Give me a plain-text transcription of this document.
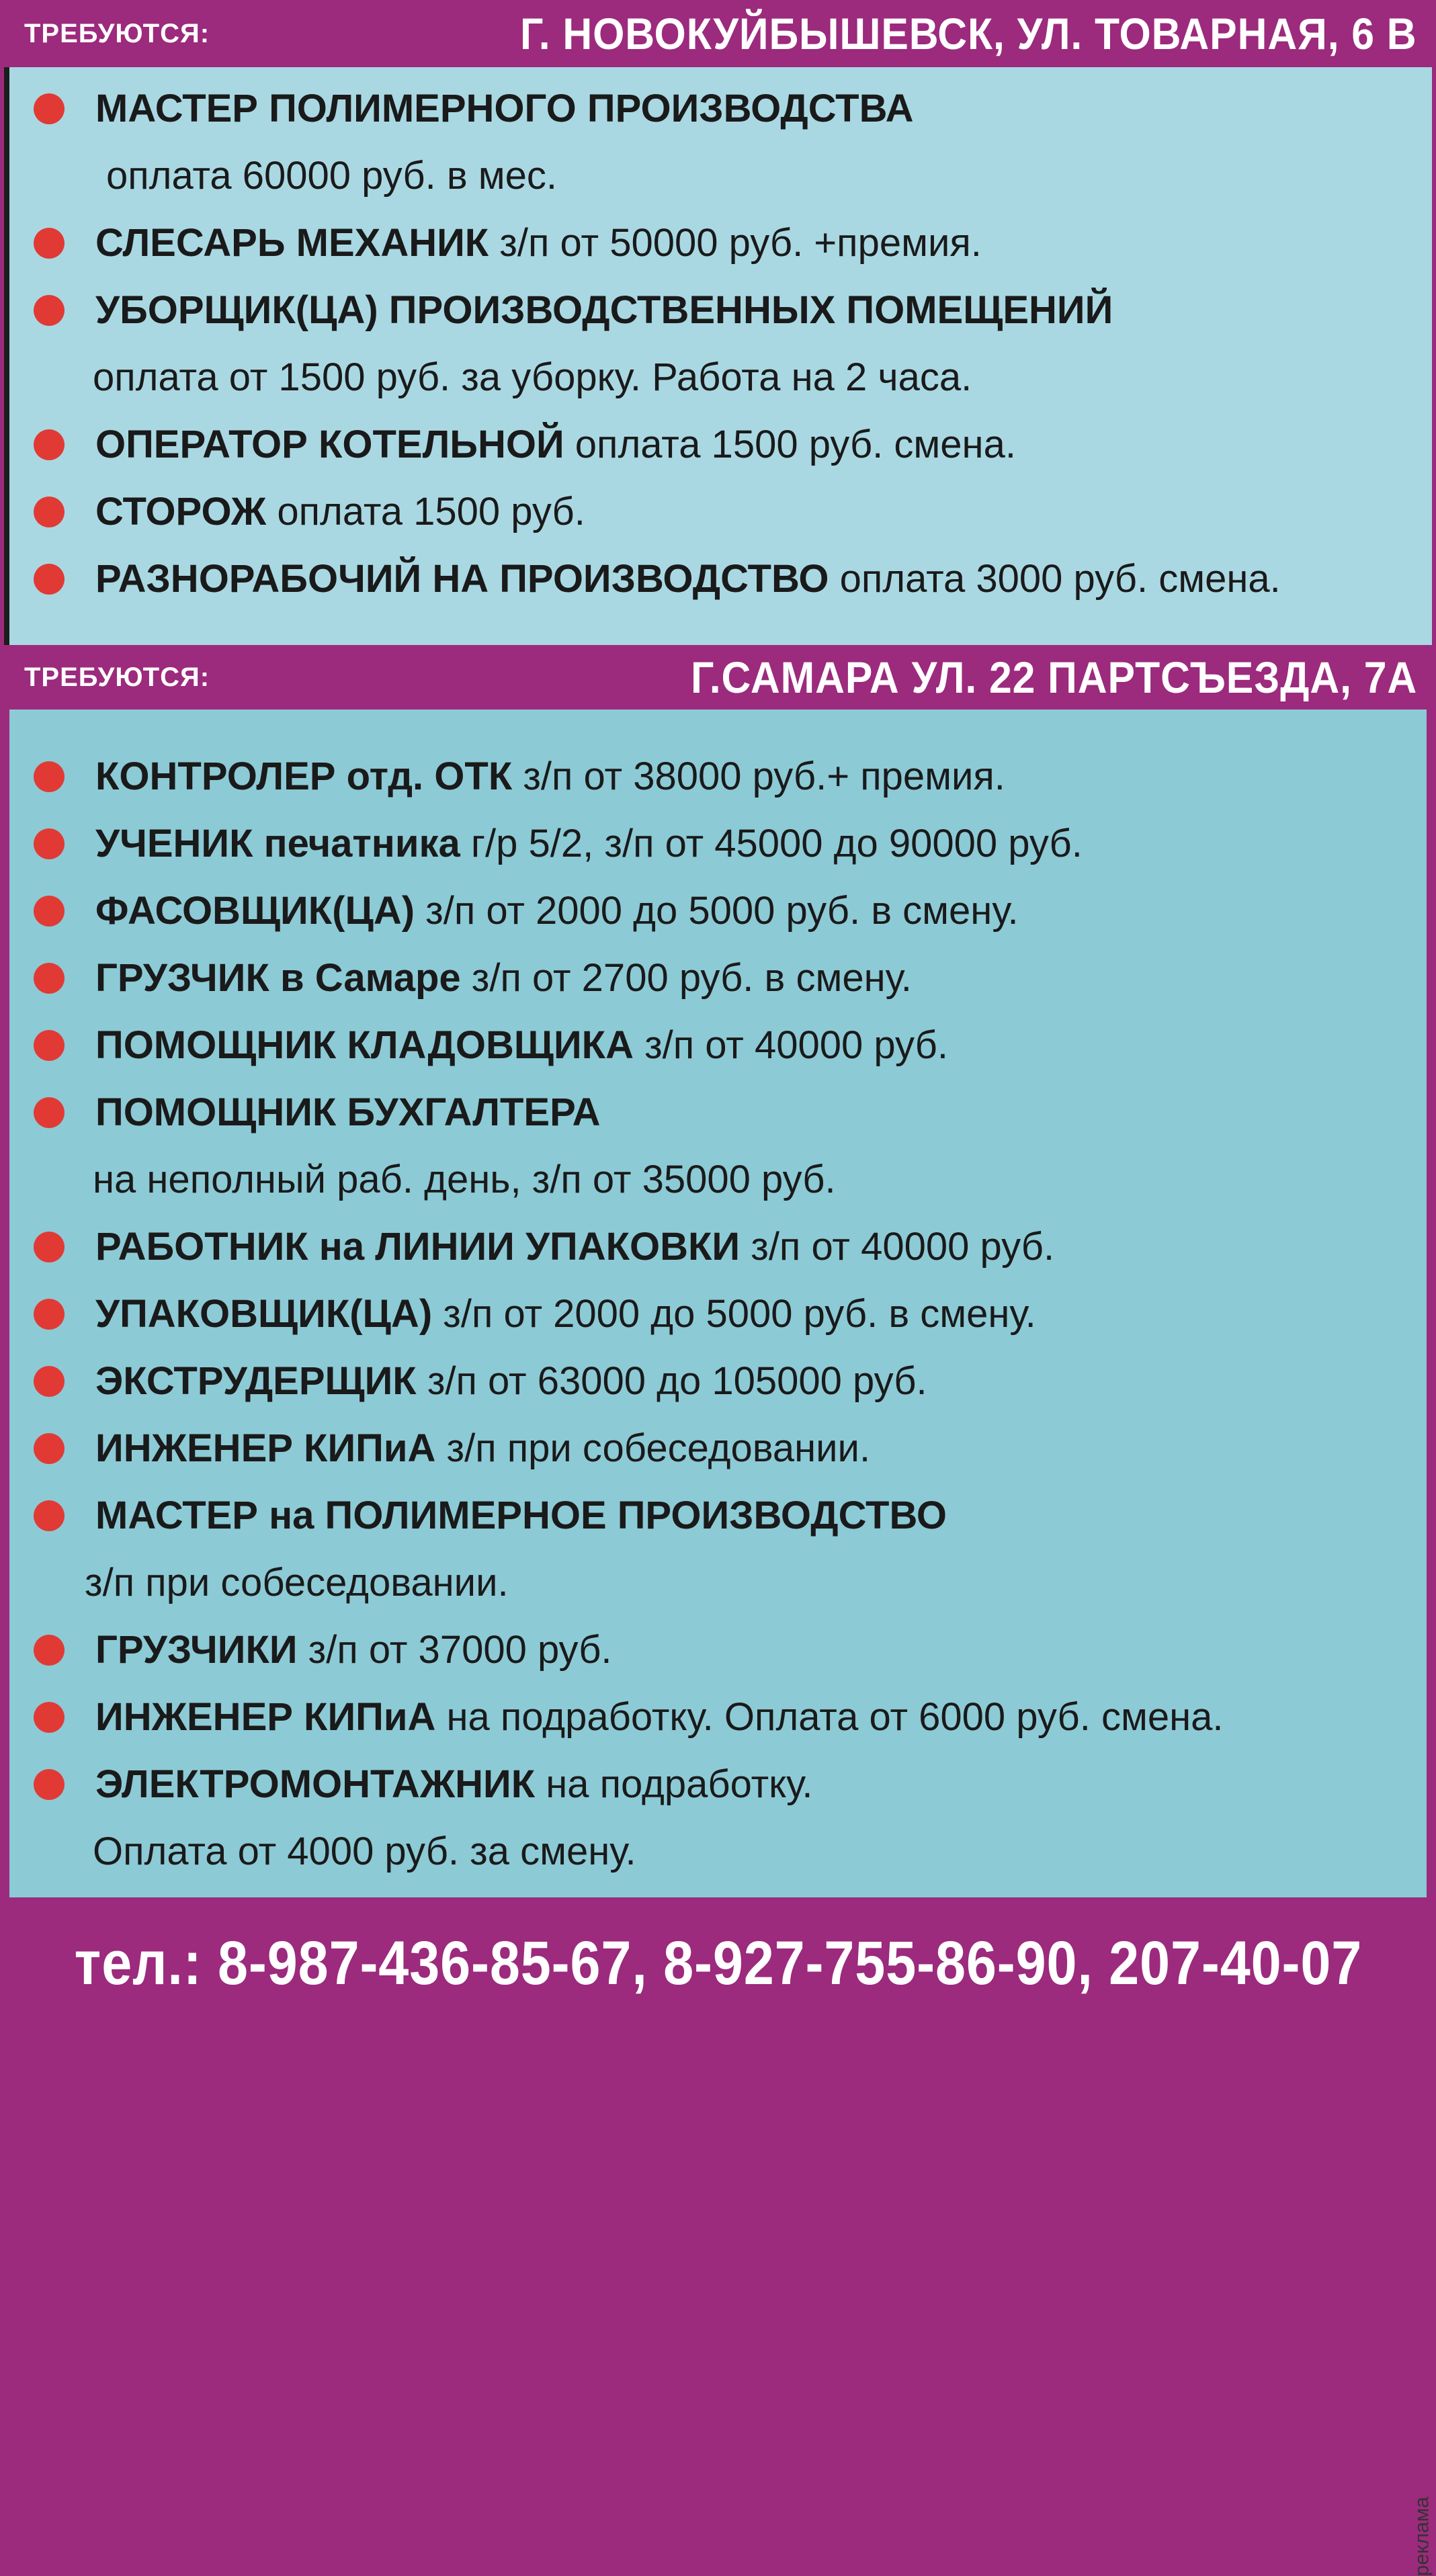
ТРЕБУЮТСЯ:	Г. НОВОКУЙБЫШЕВСК, УЛ. ТОВАРНАЯ, 6 В
МАСТЕР ПОЛИМЕРНОГО ПРОИЗВОДСТВА
оплата 60000 руб. в мес.
СЛЕСАРЬ МЕХАНИК з/п от 50000 руб. +премия.
УБОРЩИК(ЦА) ПРОИЗВОДСТВЕННЫХ ПОМЕЩЕНИЙ
оплата от 1500 руб. за уборку. Работа на 2 часа.
ОПЕРАТОР КОТЕЛЬНОЙ оплата 1500 руб. смена.
СТОРОЖ оплата 1500 руб.
РАЗНОРАБОЧИЙ НА ПРОИЗВОДСТВО оплата 3000 руб. смена.
ТРЕБУЮТСЯ:	Г.САМАРА УЛ. 22 ПАРТСЪЕЗДА, 7А
КОНТРОЛЕР отд. ОТК з/п от 38000 руб.+ премия.
УЧЕНИК печатника г/р 5/2, з/п от 45000 до 90000 руб.
ФАСОВЩИК(ЦА) з/п от 2000 до 5000 руб. в смену.
ГРУЗЧИК в Самаре з/п от 2700 руб. в смену.
ПОМОЩНИК КЛАДОВЩИКА з/п от 40000 руб.
ПОМОЩНИК БУХГАЛТЕРА
на неполный раб. день, з/п от 35000 руб.
РАБОТНИК на ЛИНИИ УПАКОВКИ з/п от 40000 руб.
УПАКОВЩИК(ЦА) з/п от 2000 до 5000 руб. в смену.
ЭКСТРУДЕРЩИК з/п от 63000 до 105000 руб.
ИНЖЕНЕР КИПиА з/п при собеседовании.
МАСТЕР на ПОЛИМЕРНОЕ ПРОИЗВОДСТВО
з/п при собеседовании.
ГРУЗЧИКИ з/п от 37000 руб.
ИНЖЕНЕР КИПиА на подработку. Оплата от 6000 руб. смена.
ЭЛЕКТРОМОНТАЖНИК на подработку.
Оплата от 4000 руб. за смену.
реклама
тел.: 8-987-436-85-67, 8-927-755-86-90, 207-40-07
